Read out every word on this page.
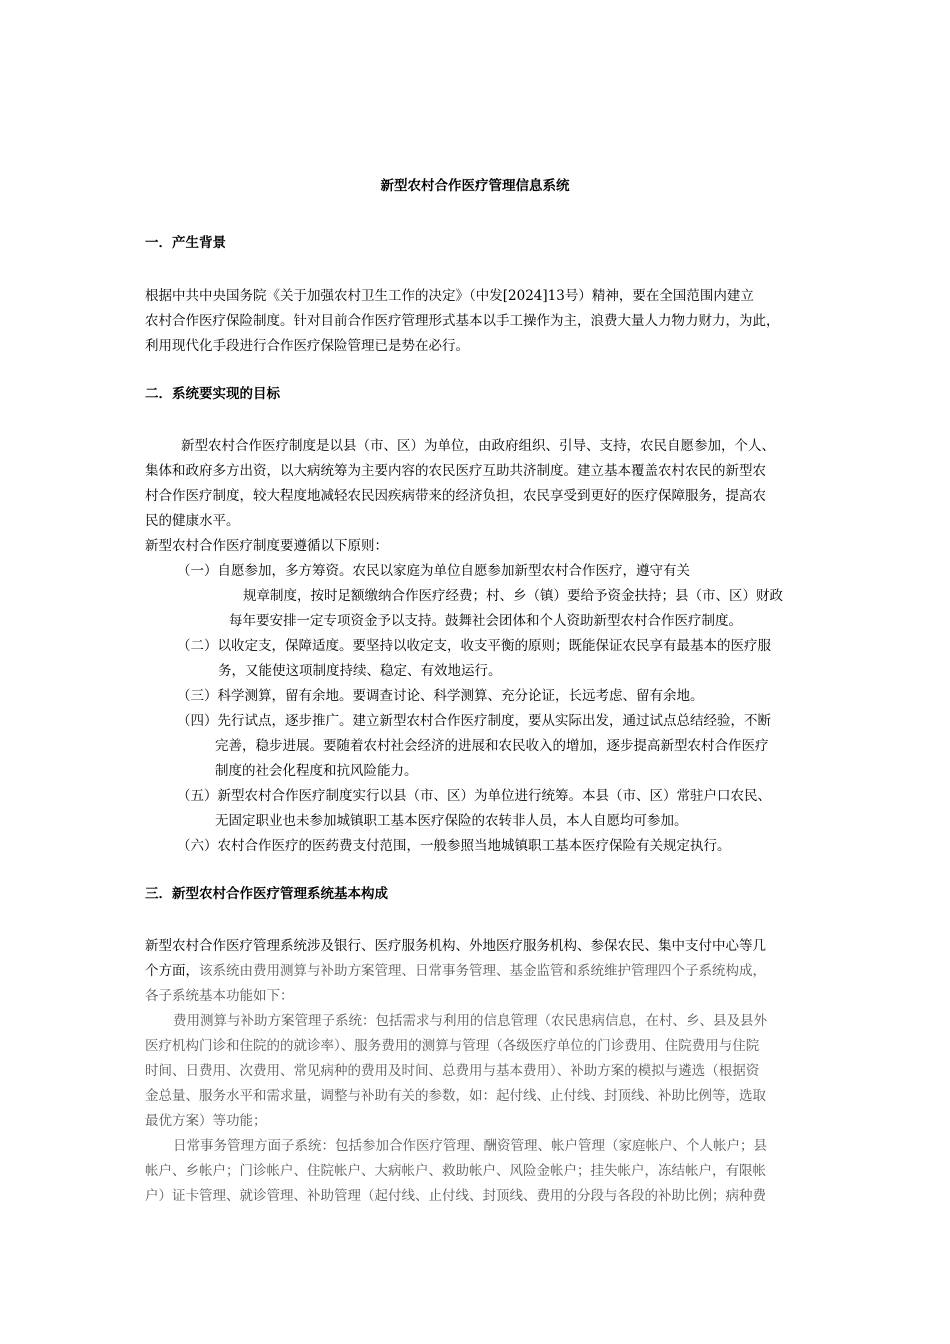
新型农村合作医疗管理信息系统
一．产生背景
根据中共中央国务院《关于加强农村卫生工作的决定》（中发[2024]13号）精神，要在全国范围内建立
农村合作医疗保险制度。针对目前合作医疗管理形式基本以手工操作为主，浪费大量人力物力财力，为此，
利用现代化手段进行合作医疗保险管理已是势在必行。
二．系统要实现的目标
新型农村合作医疗制度是以县（市、区）为单位，由政府组织、引导、支持，农民自愿参加，个人、
集体和政府多方出资，以大病统筹为主要内容的农民医疗互助共济制度。建立基本覆盖农村农民的新型农
村合作医疗制度，较大程度地减轻农民因疾病带来的经济负担，农民享受到更好的医疗保障服务，提高农
民的健康水平。
新型农村合作医疗制度要遵循以下原则：
（一）自愿参加，多方筹资。农民以家庭为单位自愿参加新型农村合作医疗，遵守有关
规章制度，按时足额缴纳合作医疗经费；村、乡（镇）要给予资金扶持；县（市、区）财政
每年要安排一定专项资金予以支持。鼓舞社会团体和个人资助新型农村合作医疗制度。
（二）以收定支，保障适度。要坚持以收定支，收支平衡的原则；既能保证农民享有最基本的医疗服
务，又能使这项制度持续、稳定、有效地运行。
（三）科学测算，留有余地。要调查讨论、科学测算、充分论证，长远考虑、留有余地。
（四）先行试点，逐步推广。建立新型农村合作医疗制度，要从实际出发，通过试点总结经验，不断
完善，稳步进展。要随着农村社会经济的进展和农民收入的增加，逐步提高新型农村合作医疗
制度的社会化程度和抗风险能力。
（五）新型农村合作医疗制度实行以县（市、区）为单位进行统筹。本县（市、区）常驻户口农民、
无固定职业也未参加城镇职工基本医疗保险的农转非人员，本人自愿均可参加。
（六）农村合作医疗的医药费支付范围，一般参照当地城镇职工基本医疗保险有关规定执行。
三．新型农村合作医疗管理系统基本构成
新型农村合作医疗管理系统涉及银行、医疗服务机构、外地医疗服务机构、参保农民、集中支付中心等几
个方面，该系统由费用测算与补助方案管理、日常事务管理、基金监管和系统维护管理四个子系统构成，
各子系统基本功能如下：
费用测算与补助方案管理子系统：包括需求与利用的信息管理（农民患病信息，在村、乡、县及县外
医疗机构门诊和住院的的就诊率）、服务费用的测算与管理（各级医疗单位的门诊费用、住院费用与住院
时间、日费用、次费用、常见病种的费用及时间、总费用与基本费用）、补助方案的模拟与遴选（根据资
金总量、服务水平和需求量，调整与补助有关的参数，如：起付线、止付线、封顶线、补助比例等，选取
最优方案）等功能；
日常事务管理方面子系统：包括参加合作医疗管理、酬资管理、帐户管理（家庭帐户、个人帐户；县
帐户、乡帐户；门诊帐户、住院帐户、大病帐户、救助帐户、风险金帐户；挂失帐户，冻结帐户，有限帐
户）证卡管理、就诊管理、补助管理（起付线、止付线、封顶线、费用的分段与各段的补助比例；病种费
